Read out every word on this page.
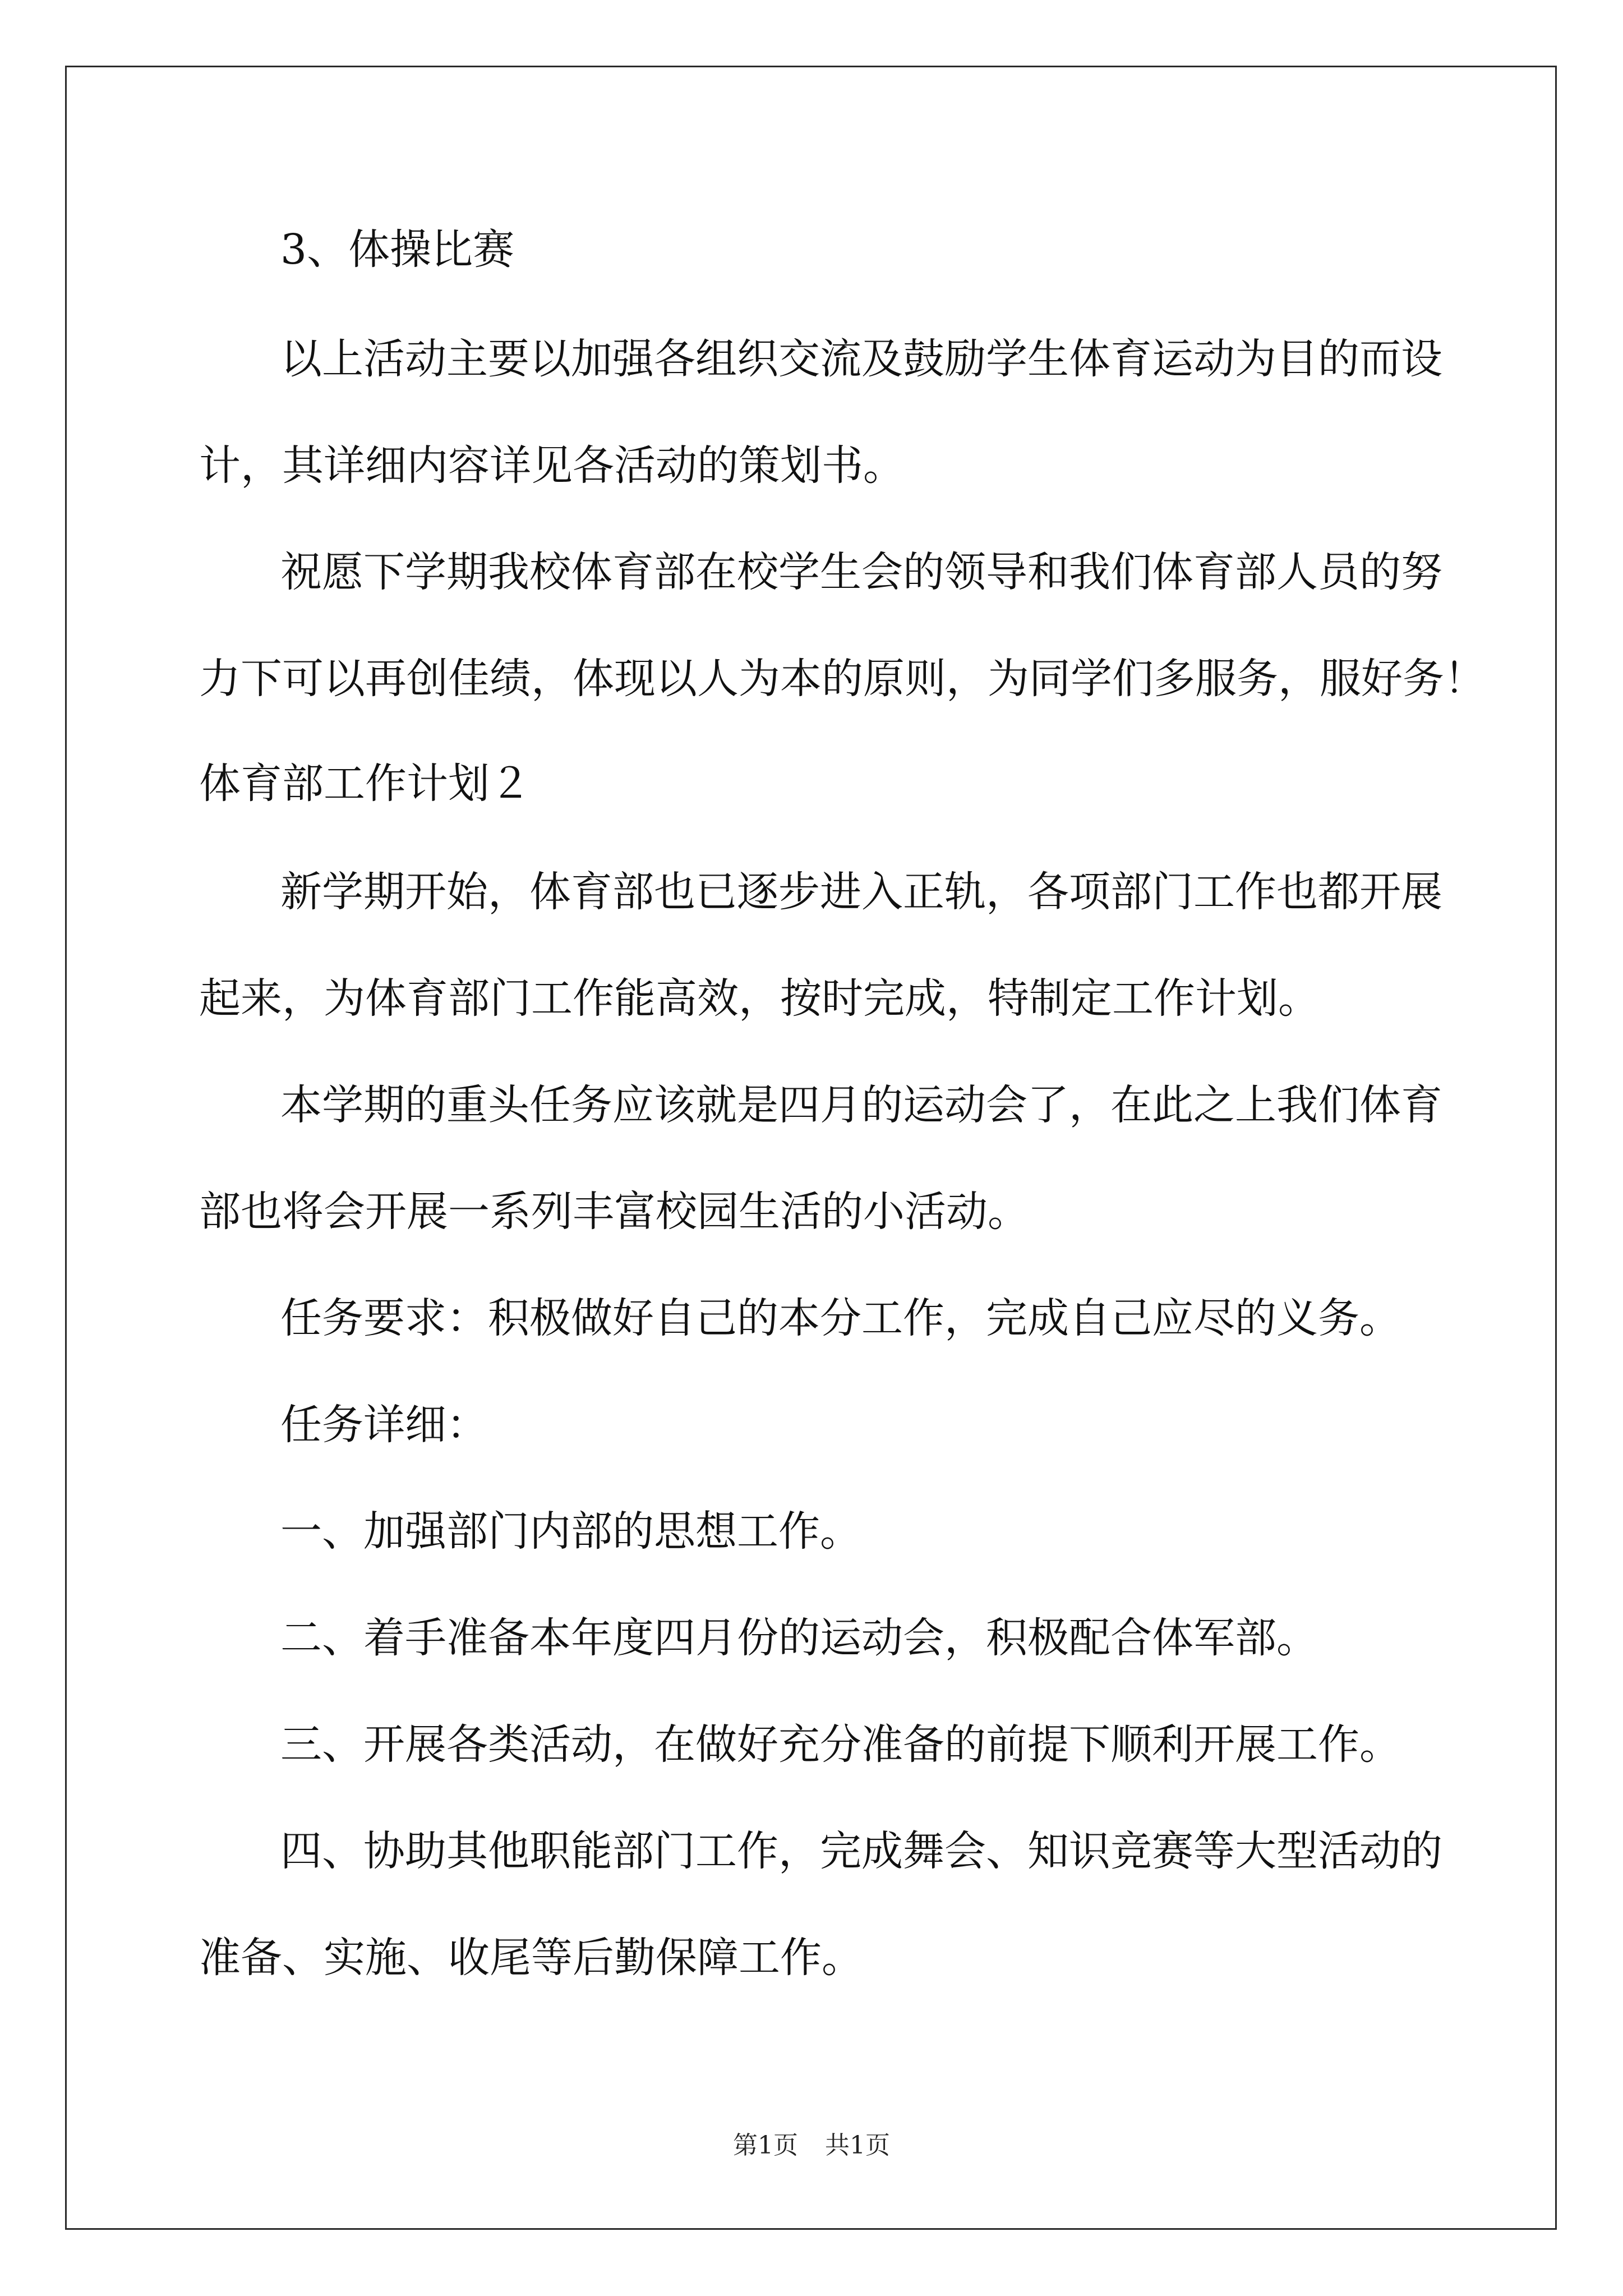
3、体操比赛
以上活动主要以加强各组织交流及鼓励学生体育运动为目的而设
计，其详细内容详见各活动的策划书。
祝愿下学期我校体育部在校学生会的领导和我们体育部人员的努
力下可以再创佳绩，体现以人为本的原则，为同学们多服务，服好务！
体育部工作计划２
新学期开始，体育部也已逐步进入正轨，各项部门工作也都开展
起来，为体育部门工作能高效，按时完成，特制定工作计划。
本学期的重头任务应该就是四月的运动会了，在此之上我们体育
部也将会开展一系列丰富校园生活的小活动。
任务要求：积极做好自己的本分工作，完成自己应尽的义务。
任务详细：
一、加强部门内部的思想工作。
二、着手准备本年度四月份的运动会，积极配合体军部。
三、开展各类活动，在做好充分准备的前提下顺利开展工作。
四、协助其他职能部门工作，完成舞会、知识竞赛等大型活动的
准备、实施、收尾等后勤保障工作。
第1页 共1页
